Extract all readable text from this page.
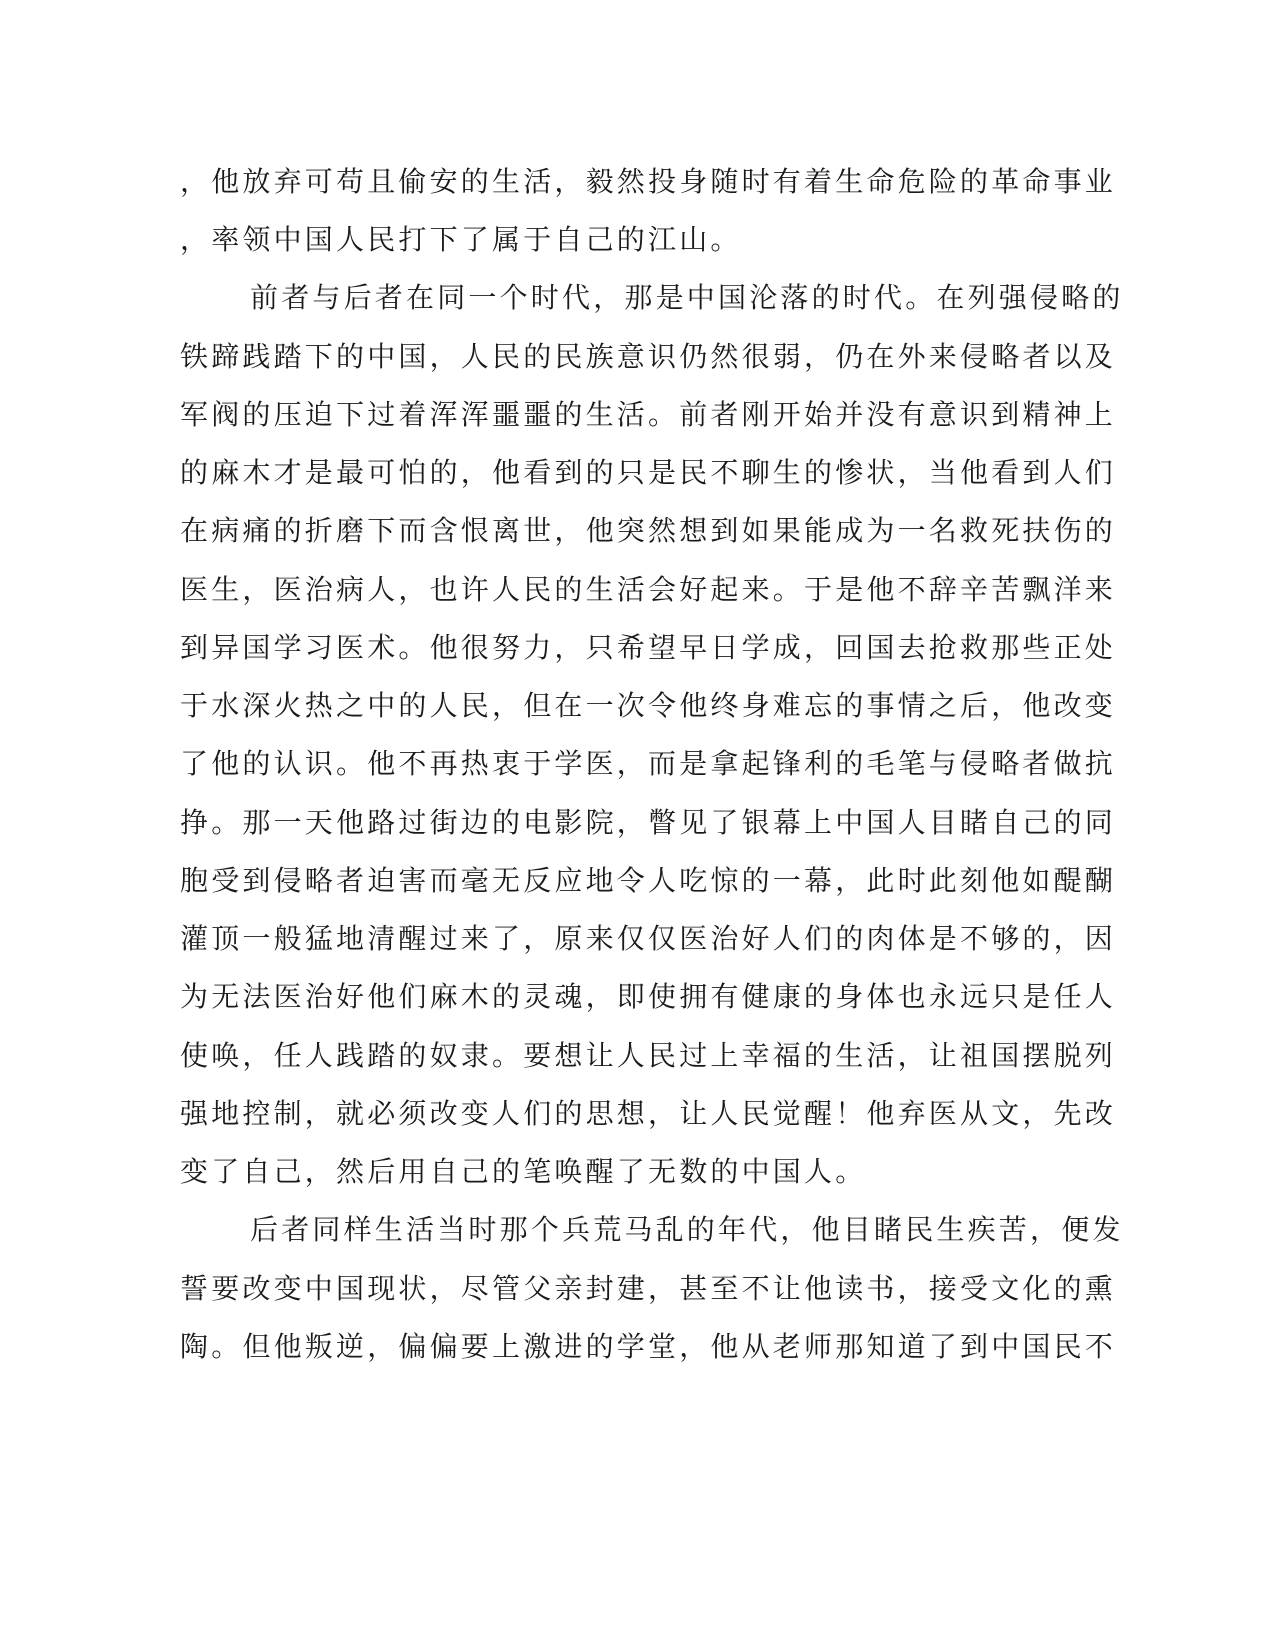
，他放弃可苟且偷安的生活，毅然投身随时有着生命危险的革命事业
，率领中国人民打下了属于自己的江山。
前者与后者在同一个时代，那是中国沦落的时代。在列强侵略的
铁蹄践踏下的中国，人民的民族意识仍然很弱，仍在外来侵略者以及
军阀的压迫下过着浑浑噩噩的生活。前者刚开始并没有意识到精神上
的麻木才是最可怕的，他看到的只是民不聊生的惨状，当他看到人们
在病痛的折磨下而含恨离世，他突然想到如果能成为一名救死扶伤的
医生，医治病人，也许人民的生活会好起来。于是他不辞辛苦飘洋来
到异国学习医术。他很努力，只希望早日学成，回国去抢救那些正处
于水深火热之中的人民，但在一次令他终身难忘的事情之后，他改变
了他的认识。他不再热衷于学医，而是拿起锋利的毛笔与侵略者做抗
挣。那一天他路过街边的电影院，瞥见了银幕上中国人目睹自己的同
胞受到侵略者迫害而毫无反应地令人吃惊的一幕，此时此刻他如醍醐
灌顶一般猛地清醒过来了，原来仅仅医治好人们的肉体是不够的，因
为无法医治好他们麻木的灵魂，即使拥有健康的身体也永远只是任人
使唤，任人践踏的奴隶。要想让人民过上幸福的生活，让祖国摆脱列
强地控制，就必须改变人们的思想，让人民觉醒！他弃医从文，先改
变了自己，然后用自己的笔唤醒了无数的中国人。
后者同样生活当时那个兵荒马乱的年代，他目睹民生疾苦，便发
誓要改变中国现状，尽管父亲封建，甚至不让他读书，接受文化的熏
陶。但他叛逆，偏偏要上激进的学堂，他从老师那知道了到中国民不
